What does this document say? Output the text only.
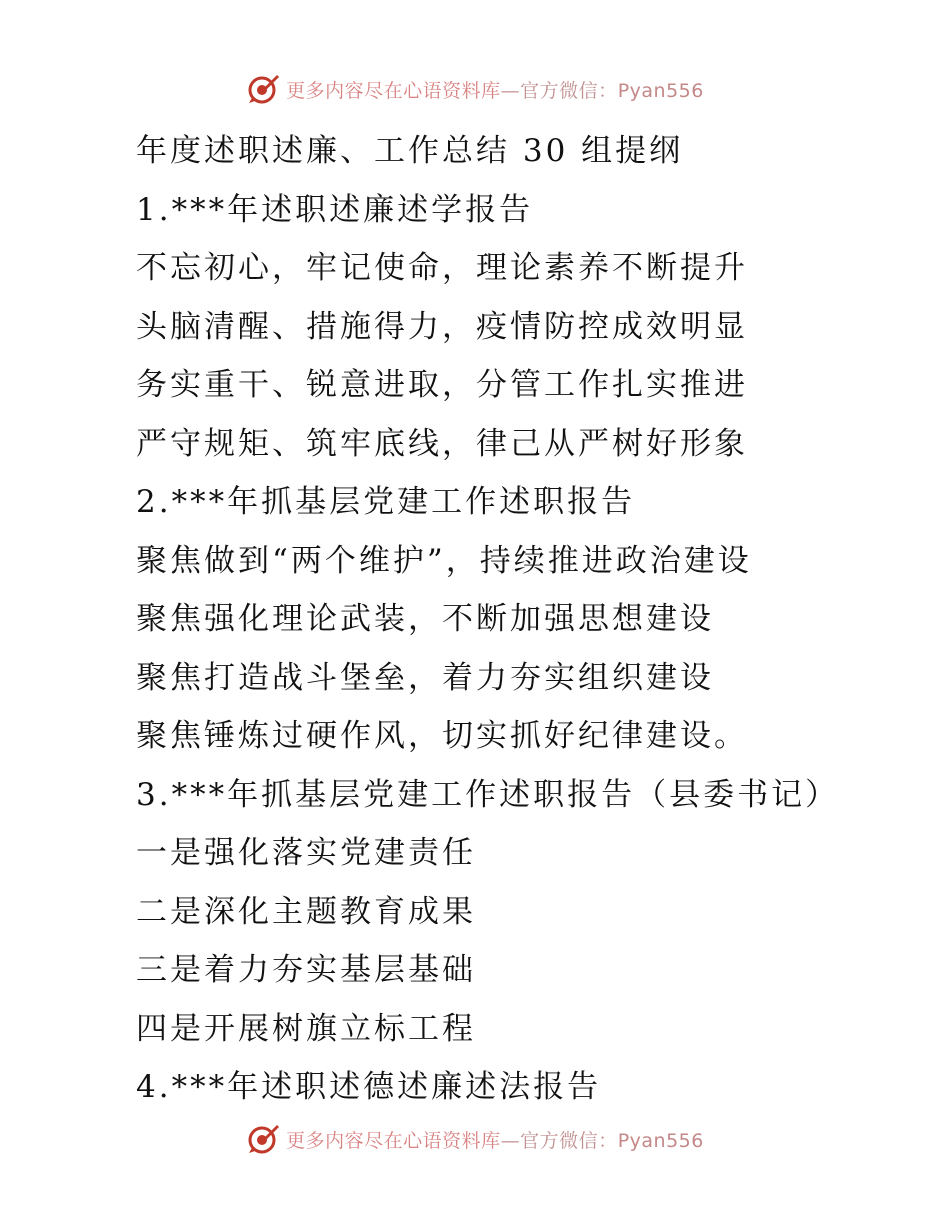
更多内容尽在心语资料库—官方微信：Pyan556
年度述职述廉、工作总结 30 组提纲
1.***年述职述廉述学报告
不忘初心，牢记使命，理论素养不断提升
头脑清醒、措施得力，疫情防控成效明显
务实重干、锐意进取，分管工作扎实推进
严守规矩、筑牢底线，律己从严树好形象
2.***年抓基层党建工作述职报告
聚焦做到“两个维护”，持续推进政治建设
聚焦强化理论武装，不断加强思想建设
聚焦打造战斗堡垒，着力夯实组织建设
聚焦锤炼过硬作风，切实抓好纪律建设。
3.***年抓基层党建工作述职报告（县委书记）
一是强化落实党建责任
二是深化主题教育成果
三是着力夯实基层基础
四是开展树旗立标工程
4.***年述职述德述廉述法报告
更多内容尽在心语资料库—官方微信：Pyan556
